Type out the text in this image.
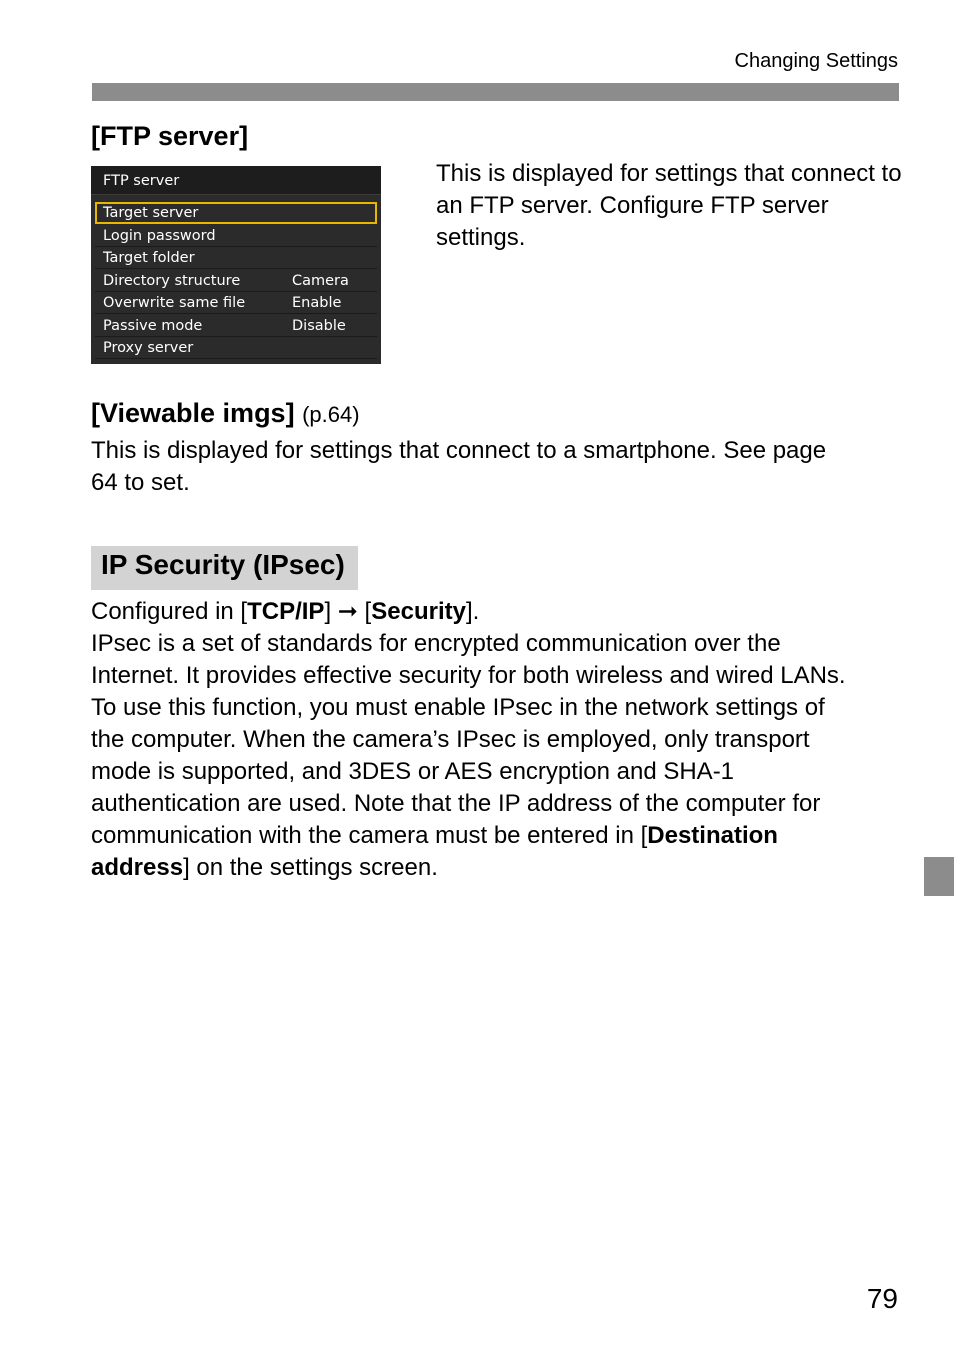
Changing Settings
[FTP server]
FTP server
Target server
Login password
Target folder
Directory structure	Camera
Overwrite same file	Enable
Passive mode	Disable
Proxy server
This is displayed for settings that connect to an FTP server. Configure FTP server settings.
[Viewable imgs] (p.64)
This is displayed for settings that connect to a smartphone. See page
64 to set.
IP Security (IPsec)
Configured in [TCP/IP] ➞ [Security].
IPsec is a set of standards for encrypted communication over the
Internet. It provides effective security for both wireless and wired LANs.
To use this function, you must enable IPsec in the network settings of
the computer. When the camera’s IPsec is employed, only transport
mode is supported, and 3DES or AES encryption and SHA-1
authentication are used. Note that the IP address of the computer for
communication with the camera must be entered in [Destination
address] on the settings screen.
79
